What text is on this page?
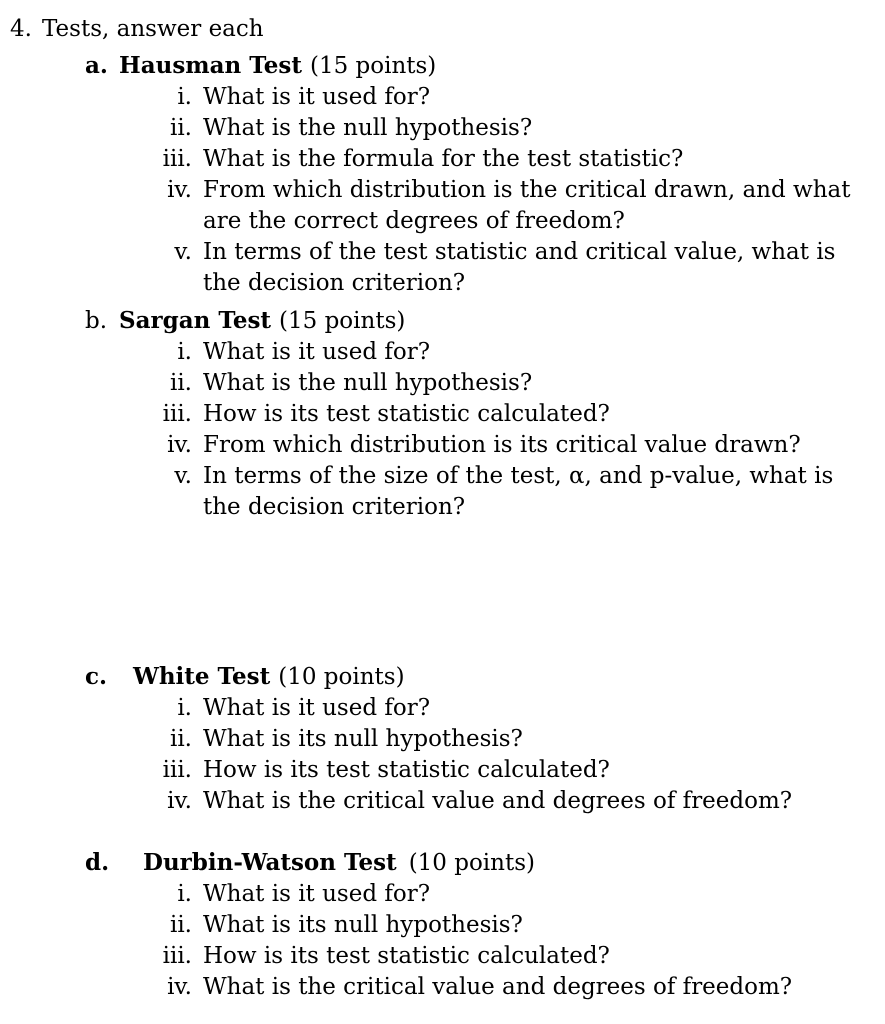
4. Tests, answer each
a. Hausman Test (15 points)
i. What is it used for?
ii. What is the null hypothesis?
iii. What is the formula for the test statistic?
iv. From which distribution is the critical drawn, and what are the correct degrees of freedom?
v. In terms of the test statistic and critical value, what is the decision criterion?
b. Sargan Test (15 points)
i. What is it used for?
ii. What is the null hypothesis?
iii. How is its test statistic calculated?
iv. From which distribution is its critical value drawn?
v. In terms of the size of the test, α, and p-value, what is the decision criterion?
c.	White Test (10 points)
i. What is it used for?
ii. What is its null hypothesis?
iii. How is its test statistic calculated?
iv. What is the critical value and degrees of freedom?
d.	Durbin-Watson Test (10 points)
i. What is it used for?
ii. What is its null hypothesis?
iii. How is its test statistic calculated?
iv. What is the critical value and degrees of freedom?
